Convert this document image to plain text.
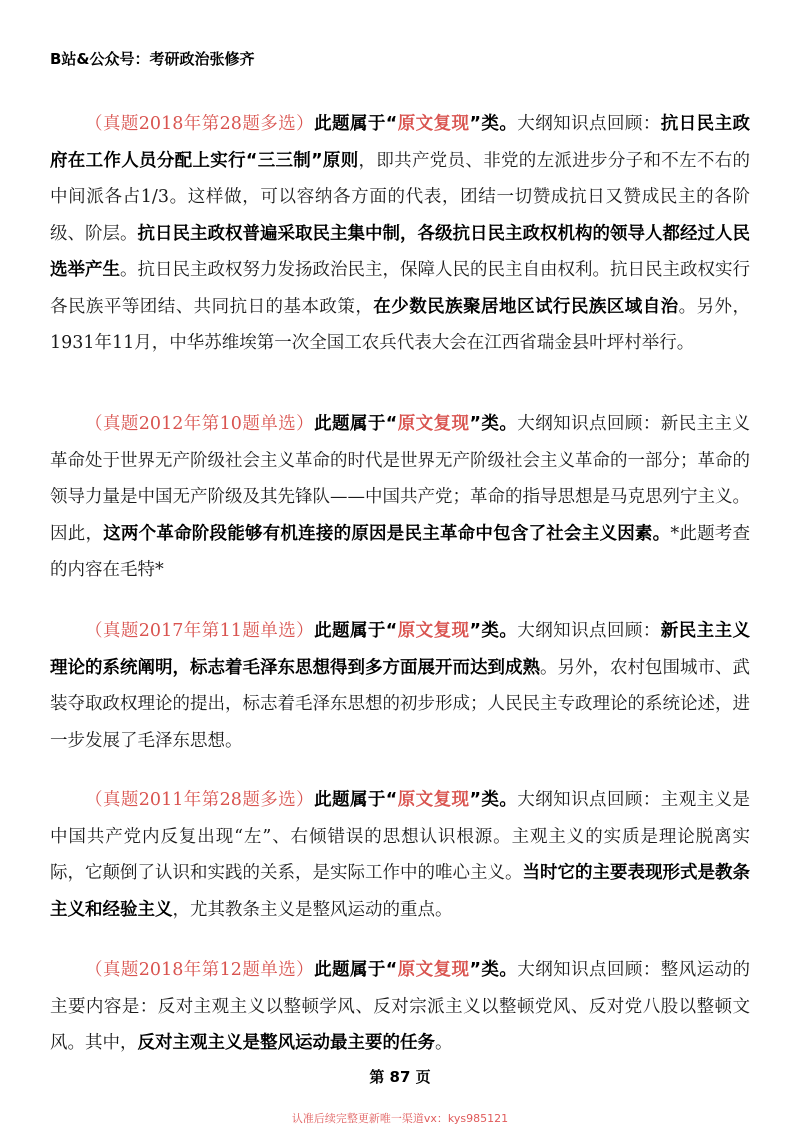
B站&公众号：考研政治张修齐
（真题2018年第28题多选）此题属于“原文复现”类。大纲知识点回顾：抗日民主政府在工作人员分配上实行“三三制”原则，即共产党员、非党的左派进步分子和不左不右的中间派各占1/3。这样做，可以容纳各方面的代表，团结一切赞成抗日又赞成民主的各阶级、阶层。抗日民主政权普遍采取民主集中制，各级抗日民主政权机构的领导人都经过人民选举产生。抗日民主政权努力发扬政治民主，保障人民的民主自由权利。抗日民主政权实行各民族平等团结、共同抗日的基本政策，在少数民族聚居地区试行民族区域自治。另外，1931年11月，中华苏维埃第一次全国工农兵代表大会在江西省瑞金县叶坪村举行。
（真题2012年第10题单选）此题属于“原文复现”类。大纲知识点回顾：新民主主义革命处于世界无产阶级社会主义革命的时代是世界无产阶级社会主义革命的一部分；革命的领导力量是中国无产阶级及其先锋队——中国共产党；革命的指导思想是马克思列宁主义。因此，这两个革命阶段能够有机连接的原因是民主革命中包含了社会主义因素。*此题考查的内容在毛特*
（真题2017年第11题单选）此题属于“原文复现”类。大纲知识点回顾：新民主主义理论的系统阐明，标志着毛泽东思想得到多方面展开而达到成熟。另外，农村包围城市、武装夺取政权理论的提出，标志着毛泽东思想的初步形成；人民民主专政理论的系统论述，进一步发展了毛泽东思想。
（真题2011年第28题多选）此题属于“原文复现”类。大纲知识点回顾：主观主义是中国共产党内反复出现“左”、右倾错误的思想认识根源。主观主义的实质是理论脱离实际，它颠倒了认识和实践的关系，是实际工作中的唯心主义。当时它的主要表现形式是教条主义和经验主义，尤其教条主义是整风运动的重点。
（真题2018年第12题单选）此题属于“原文复现”类。大纲知识点回顾：整风运动的主要内容是：反对主观主义以整顿学风、反对宗派主义以整顿党风、反对党八股以整顿文风。其中，反对主观主义是整风运动最主要的任务。
第 87 页
认准后续完整更新唯一渠道vx：kys985121
